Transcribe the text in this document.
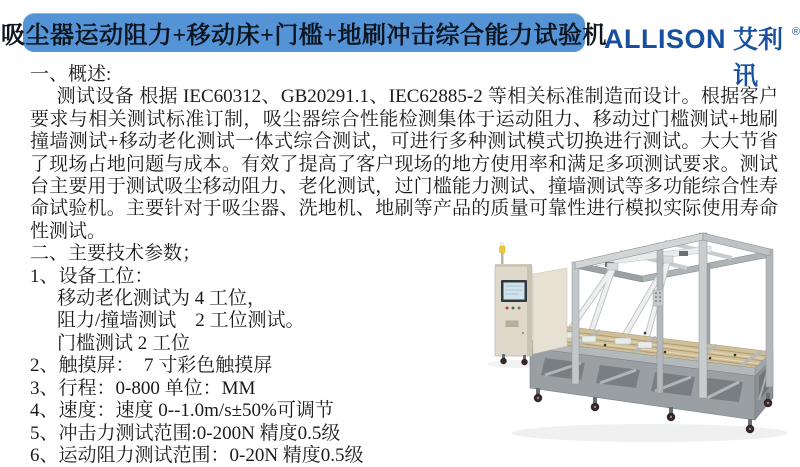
吸尘器运动阻力+移动床+门槛+地刷冲击综合能力试验机
ALLISON 艾利讯
®
一、概述:
测试设备 根据 IEC60312、GB20291.1、IEC62885-2 等相关标准制造而设计。根据客户要求与相关测试标准订制，吸尘器综合性能检测集体于运动阻力、移动过门槛测试+地刷撞墙测试+移动老化测试一体式综合测试，可进行多种测试模式切换进行测试。大大节省了现场占地问题与成本。有效了提高了客户现场的地方使用率和满足多项测试要求。测试台主要用于测试吸尘移动阻力、老化测试，过门槛能力测试、撞墙测试等多功能综合性寿命试验机。主要针对于吸尘器、洗地机、地刷等产品的质量可靠性进行模拟实际使用寿命性测试。
二、主要技术参数；
1、设备工位：
移动老化测试为 4 工位，
阻力/撞墙测试　2 工位测试。
门槛测试 2 工位
2、触摸屏：　7 寸彩色触摸屏
3、行程：0-800 单位：MM
4、速度：速度 0--1.0m/s±50%可调节
5、冲击力测试范围:0-200N 精度0.5级
6、运动阻力测试范围：0-20N 精度0.5级
